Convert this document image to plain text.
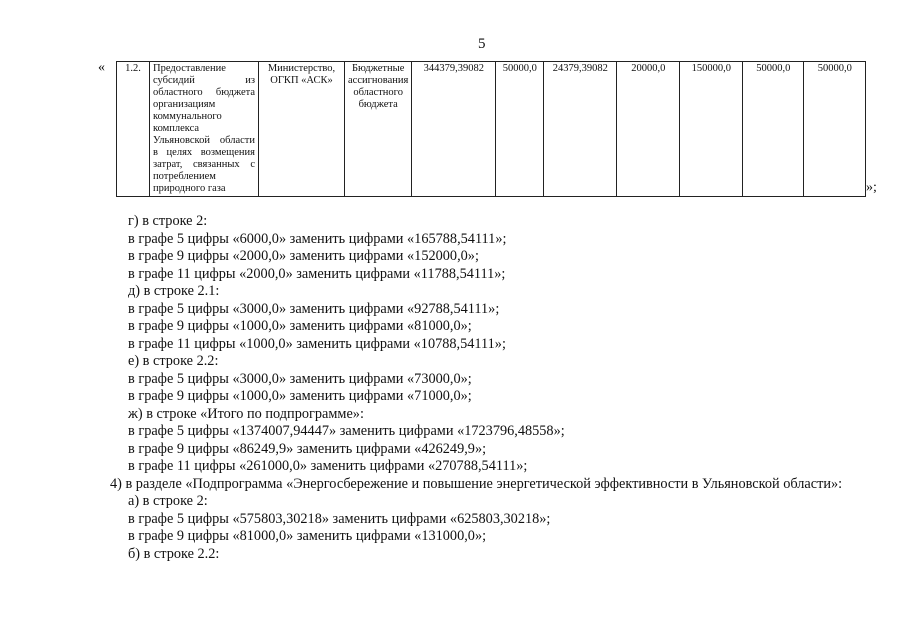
5
« 1.2.	Предоставление субсидий из областного бюджета организациям коммунального комплекса Ульяновской области в целях возмещения затрат, связанных с потреблением природного газа	Министерство, ОГКП «АСК»	Бюджетные ассигнования областного бюджета	344379,39082	50000,0	24379,39082	20000,0	150000,0	50000,0	50000,0
»;
г) в строке 2:
в графе 5 цифры «6000,0» заменить цифрами «165788,54111»;
в графе 9 цифры «2000,0» заменить цифрами «152000,0»;
в графе 11 цифры «2000,0» заменить цифрами «11788,54111»;
д) в строке 2.1:
в графе 5 цифры «3000,0» заменить цифрами «92788,54111»;
в графе 9 цифры «1000,0» заменить цифрами «81000,0»;
в графе 11 цифры «1000,0» заменить цифрами «10788,54111»;
е) в строке 2.2:
в графе 5 цифры «3000,0» заменить цифрами «73000,0»;
в графе 9 цифры «1000,0» заменить цифрами «71000,0»;
ж) в строке «Итого по подпрограмме»:
в графе 5 цифры «1374007,94447» заменить цифрами «1723796,48558»;
в графе 9 цифры «86249,9» заменить цифрами «426249,9»;
в графе 11 цифры «261000,0» заменить цифрами «270788,54111»;
4) в разделе «Подпрограмма «Энергосбережение и повышение энергетической эффективности в Ульяновской области»:
а) в строке 2:
в графе 5 цифры «575803,30218» заменить цифрами «625803,30218»;
в графе 9 цифры «81000,0» заменить цифрами «131000,0»;
б) в строке 2.2:
